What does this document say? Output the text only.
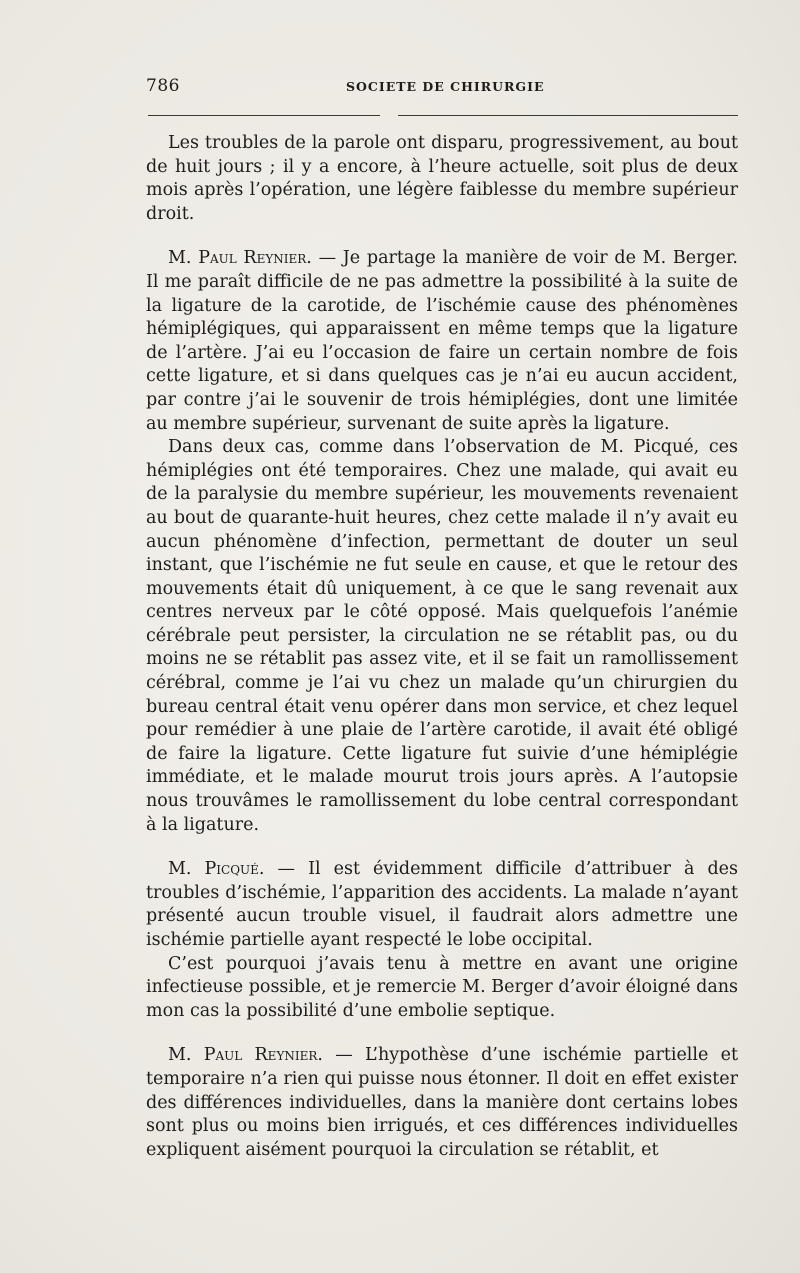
786	SOCIETE DE CHIRURGIE

Les troubles de la parole ont disparu, progressivement, au bout de huit jours ; il y a encore, à l’heure actuelle, soit plus de deux mois après l’opération, une légère faiblesse du membre supérieur droit.

M. Paul Reynier. — Je partage la manière de voir de M. Berger. Il me paraît difficile de ne pas admettre la possibilité à la suite de la ligature de la carotide, de l’ischémie cause des phénomènes hémiplégiques, qui apparaissent en même temps que la ligature de l’artère. J’ai eu l’occasion de faire un certain nombre de fois cette ligature, et si dans quelques cas je n’ai eu aucun accident, par contre j’ai le souvenir de trois hémiplégies, dont une limitée au membre supérieur, survenant de suite après la ligature.

Dans deux cas, comme dans l’observation de M. Picqué, ces hémiplégies ont été temporaires. Chez une malade, qui avait eu de la paralysie du membre supérieur, les mouvements revenaient au bout de quarante-huit heures, chez cette malade il n’y avait eu aucun phénomène d’infection, permettant de douter un seul instant, que l’ischémie ne fut seule en cause, et que le retour des mouvements était dû uniquement, à ce que le sang revenait aux centres nerveux par le côté opposé. Mais quelquefois l’anémie cérébrale peut persister, la circulation ne se rétablit pas, ou du moins ne se rétablit pas assez vite, et il se fait un ramollissement cérébral, comme je l’ai vu chez un malade qu’un chirurgien du bureau central était venu opérer dans mon service, et chez lequel pour remédier à une plaie de l’artère carotide, il avait été obligé de faire la ligature. Cette ligature fut suivie d’une hémiplégie immédiate, et le malade mourut trois jours après. A l’autopsie nous trouvâmes le ramollissement du lobe central correspondant à la ligature.

M. Picqué. — Il est évidemment difficile d’attribuer à des troubles d’ischémie, l’apparition des accidents. La malade n’ayant présenté aucun trouble visuel, il faudrait alors admettre une ischémie partielle ayant respecté le lobe occipital.

C’est pourquoi j’avais tenu à mettre en avant une origine infectieuse possible, et je remercie M. Berger d’avoir éloigné dans mon cas la possibilité d’une embolie septique.

M. Paul Reynier. — L’hypothèse d’une ischémie partielle et temporaire n’a rien qui puisse nous étonner. Il doit en effet exister des différences individuelles, dans la manière dont certains lobes sont plus ou moins bien irrigués, et ces différences individuelles expliquent aisément pourquoi la circulation se rétablit, et
